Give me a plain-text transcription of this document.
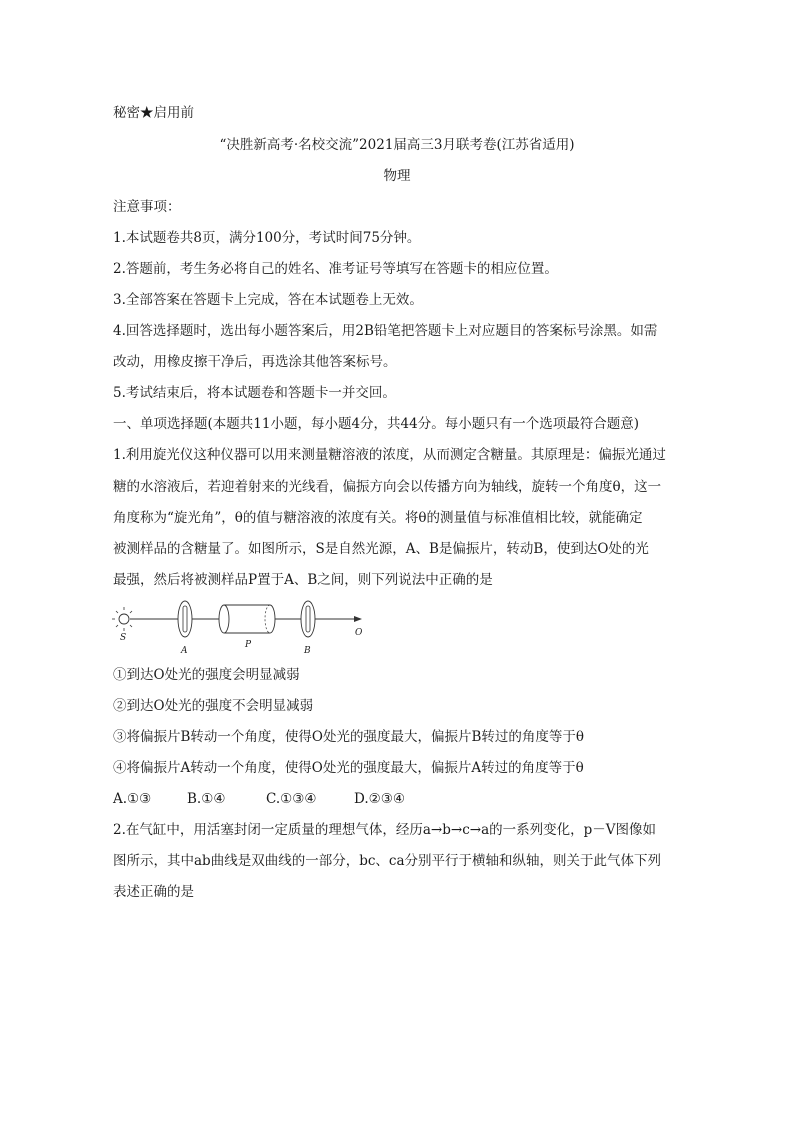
秘密★启用前
“决胜新高考·名校交流”2021届高三3月联考卷(江苏省适用)
物理
注意事项：
1.本试题卷共8页，满分100分，考试时间75分钟。
2.答题前，考生务必将自己的姓名、准考证号等填写在答题卡的相应位置。
3.全部答案在答题卡上完成，答在本试题卷上无效。
4.回答选择题时，选出每小题答案后，用2B铅笔把答题卡上对应题目的答案标号涂黑。如需
改动，用橡皮擦干净后，再选涂其他答案标号。
5.考试结束后，将本试题卷和答题卡一并交回。
一、单项选择题(本题共11小题，每小题4分，共44分。每小题只有一个选项最符合题意)
1.利用旋光仪这种仪器可以用来测量糖溶液的浓度，从而测定含糖量。其原理是：偏振光通过
糖的水溶液后，若迎着射来的光线看，偏振方向会以传播方向为轴线，旋转一个角度θ，这一
角度称为“旋光角”，θ的值与糖溶液的浓度有关。将θ的测量值与标准值相比较，就能确定
被测样品的含糖量了。如图所示，S是自然光源，A、B是偏振片，转动B，使到达O处的光
最强，然后将被测样品P置于A、B之间，则下列说法中正确的是
S
A
P
B
O
①到达O处光的强度会明显减弱
②到达O处光的强度不会明显减弱
③将偏振片B转动一个角度，使得O处光的强度最大，偏振片B转过的角度等于θ
④将偏振片A转动一个角度，使得O处光的强度最大，偏振片A转过的角度等于θ
A.①③	B.①④	C.①③④	D.②③④
2.在气缸中，用活塞封闭一定质量的理想气体，经历a→b→c→a的一系列变化，p－V图像如
图所示，其中ab曲线是双曲线的一部分，bc、ca分别平行于横轴和纵轴，则关于此气体下列
表述正确的是
